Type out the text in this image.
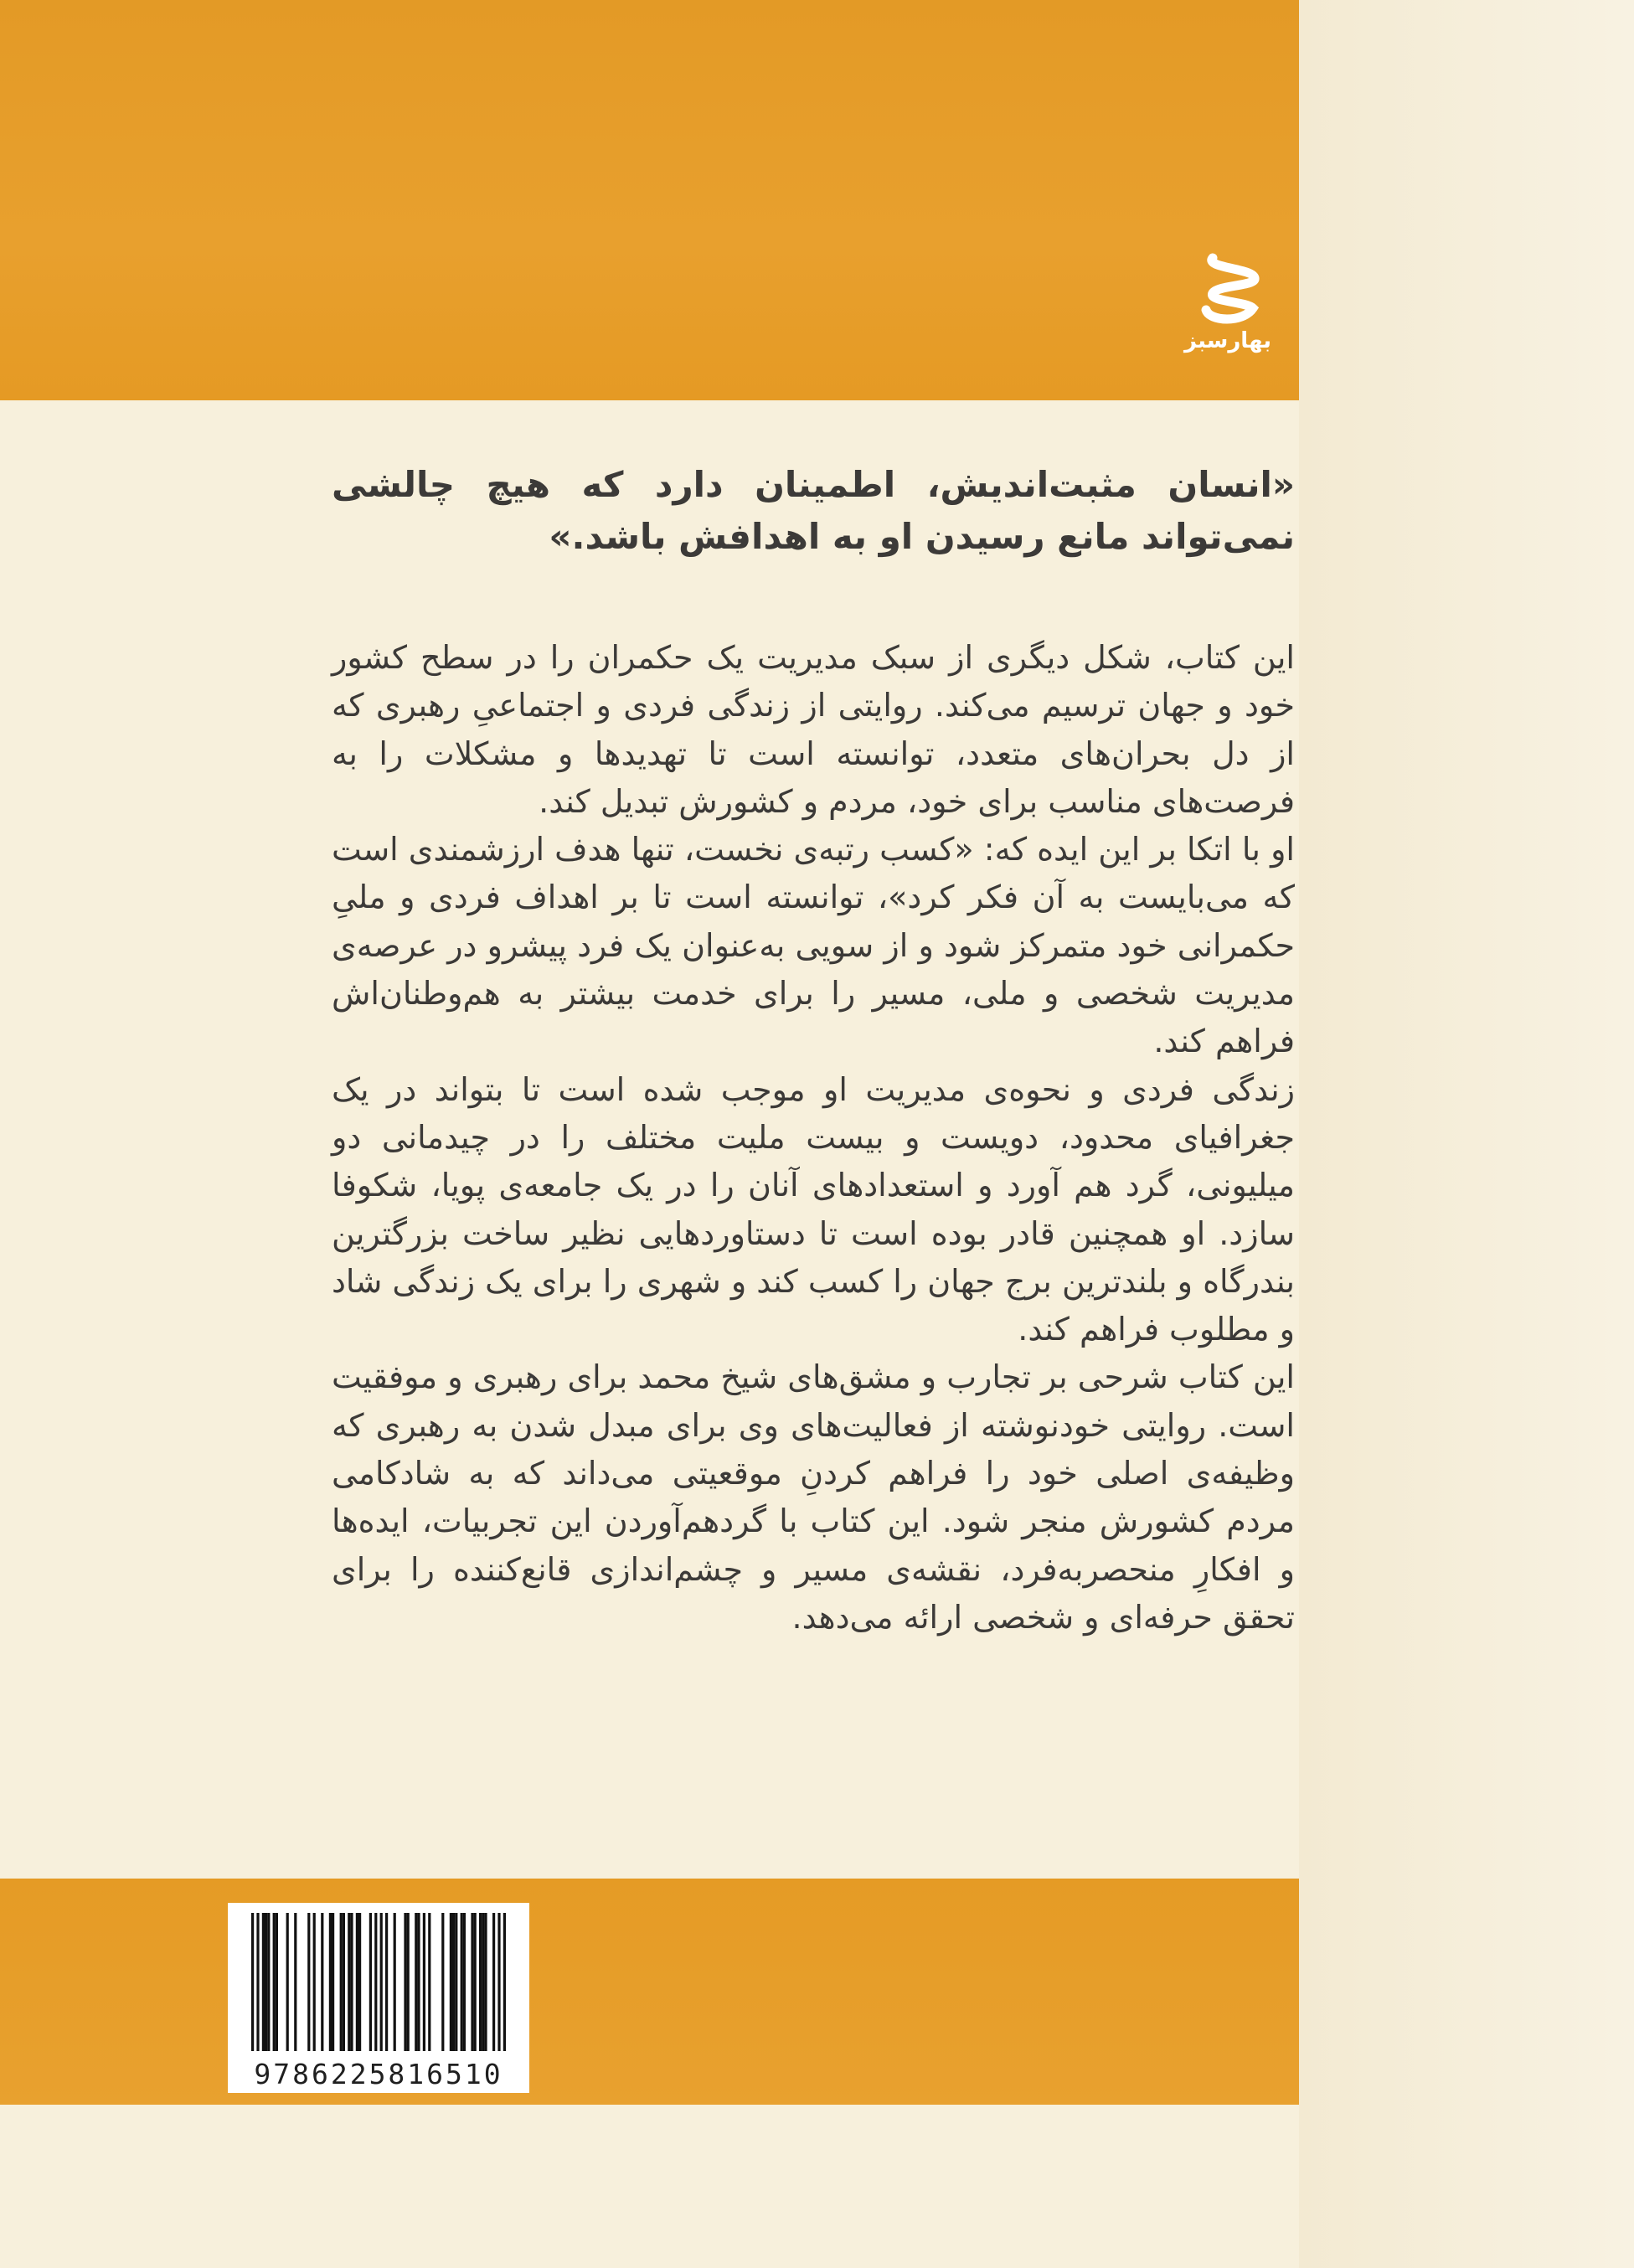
بهارسبز
«انسان مثبت‌اندیش، اطمینان دارد که هیچ چالشی نمی‌تواند مانع رسیدن او به اهدافش باشد.»

این کتاب، شکل دیگری از سبک مدیریت یک حکمران را در سطح کشور خود و جهان ترسیم می‌کند. روایتی از زندگی فردی و اجتماعیِ رهبری که از دل بحران‌های متعدد، توانسته است تا تهدیدها و مشکلات را به فرصت‌های مناسب برای خود، مردم و کشورش تبدیل کند.

او با اتکا بر این ایده که: «کسب رتبه‌ی نخست، تنها هدف ارزشمندی است که می‌بایست به آن فکر کرد»، توانسته است تا بر اهداف فردی و ملیِ حکمرانی خود متمرکز شود و از سویی به‌عنوان یک فرد پیشرو در عرصه‌ی مدیریت شخصی و ملی، مسیر را برای خدمت بیشتر به هم‌وطنان‌اش فراهم کند.

زندگی فردی و نحوه‌ی مدیریت او موجب شده است تا بتواند در یک جغرافیای محدود، دویست و بیست ملیت مختلف را در چیدمانی دو میلیونی، گرد هم آورد و استعدادهای آنان را در یک جامعه‌ی پویا، شکوفا سازد. او همچنین قادر بوده است تا دستاوردهایی نظیر ساخت بزرگترین بندرگاه و بلندترین برج جهان را کسب کند و شهری را برای یک زندگی شاد و مطلوب فراهم کند.

این کتاب شرحی بر تجارب و مشق‌های شیخ محمد برای رهبری و موفقیت است. روایتی خودنوشته از فعالیت‌های وی برای مبدل شدن به رهبری که وظیفه‌ی اصلی خود را فراهم کردنِ موقعیتی می‌داند که به شادکامی مردم کشورش منجر شود. این کتاب با گردهم‌آوردن این تجربیات، ایده‌ها و افکارِ منحصربه‌فرد، نقشه‌ی مسیر و چشم‌اندازی قانع‌کننده را برای تحقق حرفه‌ای و شخصی ارائه می‌دهد.

9786225816510
